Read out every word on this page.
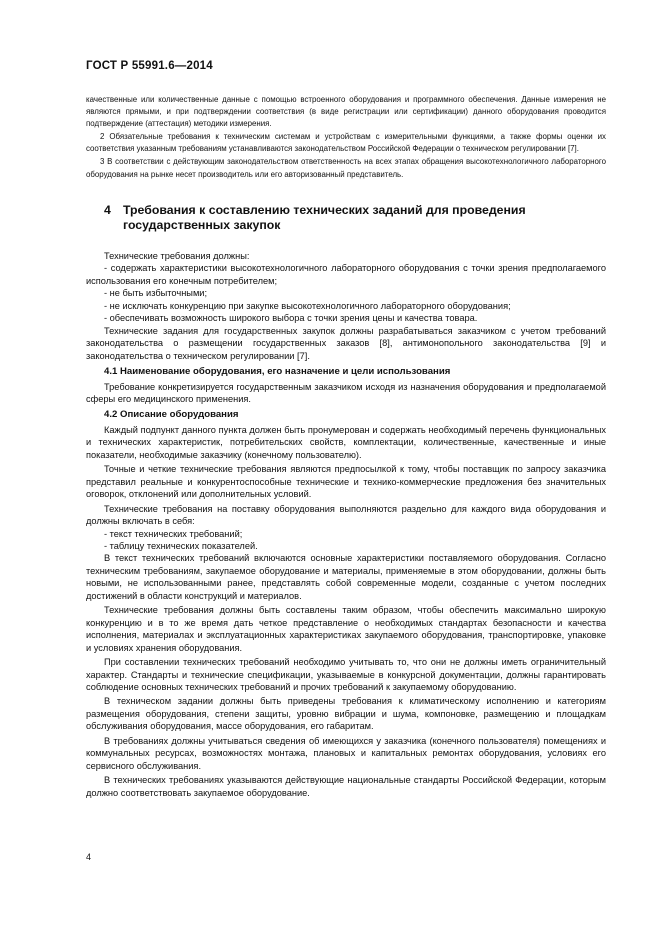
ГОСТ Р 55991.6—2014

качественные или количественные данные с помощью встроенного оборудования и программного обеспечения. Данные измерения не являются прямыми, и при подтверждении соответствия (в виде регистрации или сертификации) данного оборудования проводится подтверждение (аттестация) методики измерения.

2 Обязательные требования к техническим системам и устройствам с измерительными функциями, а также формы оценки их соответствия указанным требованиям устанавливаются законодательством Российской Федерации о техническом регулировании [7].

3 В соответствии с действующим законодательством ответственность на всех этапах обращения высокотехнологичного лабораторного оборудования на рынке несет производитель или его авторизованный представитель.

4 Требования к составлению технических заданий для проведения
государственных закупок

Технические требования должны:

- содержать характеристики высокотехнологичного лабораторного оборудования с точки зрения предполагаемого использования его конечным потребителем;

- не быть избыточными;

- не исключать конкуренцию при закупке высокотехнологичного лабораторного оборудования;

- обеспечивать возможность широкого выбора с точки зрения цены и качества товара.

Технические задания для государственных закупок должны разрабатываться заказчиком с учетом требований законодательства о размещении государственных заказов [8], антимонопольного законодательства [9] и законодательства о техническом регулировании [7].

4.1 Наименование оборудования, его назначение и цели использования

Требование конкретизируется государственным заказчиком исходя из назначения оборудования и предполагаемой сферы его медицинского применения.

4.2 Описание оборудования

Каждый подпункт данного пункта должен быть пронумерован и содержать необходимый перечень функциональных и технических характеристик, потребительских свойств, комплектации, количественные, качественные и иные показатели, необходимые заказчику (конечному пользователю).

Точные и четкие технические требования являются предпосылкой к тому, чтобы поставщик по запросу заказчика представил реальные и конкурентоспособные технические и технико-коммерческие предложения без значительных оговорок, отклонений или дополнительных условий.

Технические требования на поставку оборудования выполняются раздельно для каждого вида оборудования и должны включать в себя:

- текст технических требований;

- таблицу технических показателей.

В текст технических требований включаются основные характеристики поставляемого оборудования. Согласно техническим требованиям, закупаемое оборудование и материалы, применяемые в этом оборудовании, должны быть новыми, не использованными ранее, представлять собой современные модели, созданные с учетом последних достижений в области конструкций и материалов.

Технические требования должны быть составлены таким образом, чтобы обеспечить максимально широкую конкуренцию и в то же время дать четкое представление о необходимых стандартах безопасности и качества исполнения, материалах и эксплуатационных характеристиках закупаемого оборудования, транспортировке, упаковке и условиях хранения оборудования.

При составлении технических требований необходимо учитывать то, что они не должны иметь ограничительный характер. Стандарты и технические спецификации, указываемые в конкурсной документации, должны гарантировать соблюдение основных технических требований и прочих требований к закупаемому оборудованию.

В техническом задании должны быть приведены требования к климатическому исполнению и категориям размещения оборудования, степени защиты, уровню вибрации и шума, компоновке, размещению и площадкам обслуживания оборудования, массе оборудования, его габаритам.

В требованиях должны учитываться сведения об имеющихся у заказчика (конечного пользователя) помещениях и коммунальных ресурсах, возможностях монтажа, плановых и капитальных ремонтах оборудования, условиях его сервисного обслуживания.

В технических требованиях указываются действующие национальные стандарты Российской Федерации, которым должно соответствовать закупаемое оборудование.

4
